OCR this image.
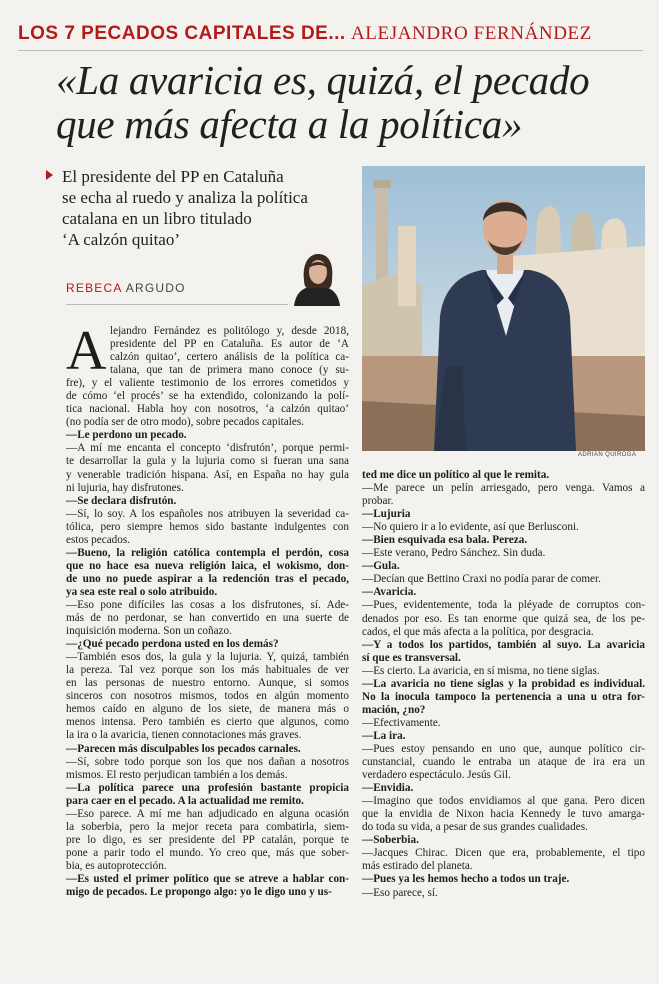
LOS 7 PECADOS CAPITALES DE... ALEJANDRO FERNÁNDEZ
«La avaricia es, quizá, el pecado
que más afecta a la política»
El presidente del PP en Cataluña
se echa al ruedo y analiza la política
catalana en un libro titulado
‘A calzón quitao’
REBECA ARGUDO
ADRIAN QUIROGA
A lejandro Fernández es politólogo y, desde 2018,

presidente del PP en Cataluña. Es autor de ‘A

calzón quitao’, certero análisis de la política ca-

talana, que tan de primera mano conoce (y su-

fre), y el valiente testimonio de los errores cometidos y

de cómo ‘el procés’ se ha extendido, colonizando la polí-

tica nacional. Habla hoy con nosotros, ‘a calzón quitao’

(no podía ser de otro modo), sobre pecados capitales.

—Le perdono un pecado.

—A mí me encanta el concepto ‘disfrutón’, porque permi-

te desarrollar la gula y la lujuria como si fueran una sana

y venerable tradición hispana. Así, en España no hay gula

ni lujuria, hay disfrutones.

—Se declara disfrutón.

—Sí, lo soy. A los españoles nos atribuyen la severidad ca-

tólica, pero siempre hemos sido bastante indulgentes con

estos pecados.

—Bueno, la religión católica contempla el perdón, cosa

que no hace esa nueva religión laica, el wokismo, don-

de uno no puede aspirar a la redención tras el pecado,

ya sea este real o solo atribuido.

—Eso pone difíciles las cosas a los disfrutones, sí. Ade-

más de no perdonar, se han convertido en una suerte de

inquisición moderna. Son un coñazo.

—¿Qué pecado perdona usted en los demás?

—También esos dos, la gula y la lujuria. Y, quizá, también

la pereza. Tal vez porque son los más habituales de ver

en las personas de nuestro entorno. Aunque, si somos

sinceros con nosotros mismos, todos en algún momento

hemos caído en alguno de los siete, de manera más o

menos intensa. Pero también es cierto que algunos, como

la ira o la avaricia, tienen connotaciones más graves.

—Parecen más disculpables los pecados carnales.

—Sí, sobre todo porque son los que nos dañan a nosotros

mismos. El resto perjudican también a los demás.

—La política parece una profesión bastante propicia

para caer en el pecado. A la actualidad me remito.

—Eso parece. A mí me han adjudicado en alguna ocasión

la soberbia, pero la mejor receta para combatirla, siem-

pre lo digo, es ser presidente del PP catalán, porque te

pone a parir todo el mundo. Yo creo que, más que sober-

bia, es autoprotección.

—Es usted el primer político que se atreve a hablar con-

migo de pecados. Le propongo algo: yo le digo uno y us-

ted me dice un político al que le remita.

—Me parece un pelín arriesgado, pero venga. Vamos a

probar.

—Lujuria

—No quiero ir a lo evidente, así que Berlusconi.

—Bien esquivada esa bala. Pereza.

—Este verano, Pedro Sánchez. Sin duda.

—Gula.

—Decían que Bettino Craxi no podía parar de comer.

—Avaricia.

—Pues, evidentemente, toda la pléyade de corruptos con-

denados por eso. Es tan enorme que quizá sea, de los pe-

cados, el que más afecta a la política, por desgracia.

—Y a todos los partidos, también al suyo. La avaricia

sí que es transversal.

—Es cierto. La avaricia, en sí misma, no tiene siglas.

—La avaricia no tiene siglas y la probidad es individual.

No la inocula tampoco la pertenencia a una u otra for-

mación, ¿no?

—Efectivamente.

—La ira.

—Pues estoy pensando en uno que, aunque político cir-

cunstancial, cuando le entraba un ataque de ira era un

verdadero espectáculo. Jesús Gil.

—Envidia.

—Imagino que todos envidiamos al que gana. Pero dicen

que la envidia de Nixon hacia Kennedy le tuvo amarga-

do toda su vida, a pesar de sus grandes cualidades.

—Soberbia.

—Jacques Chirac. Dicen que era, probablemente, el tipo

más estirado del planeta.

—Pues ya les hemos hecho a todos un traje.

—Eso parece, sí.
